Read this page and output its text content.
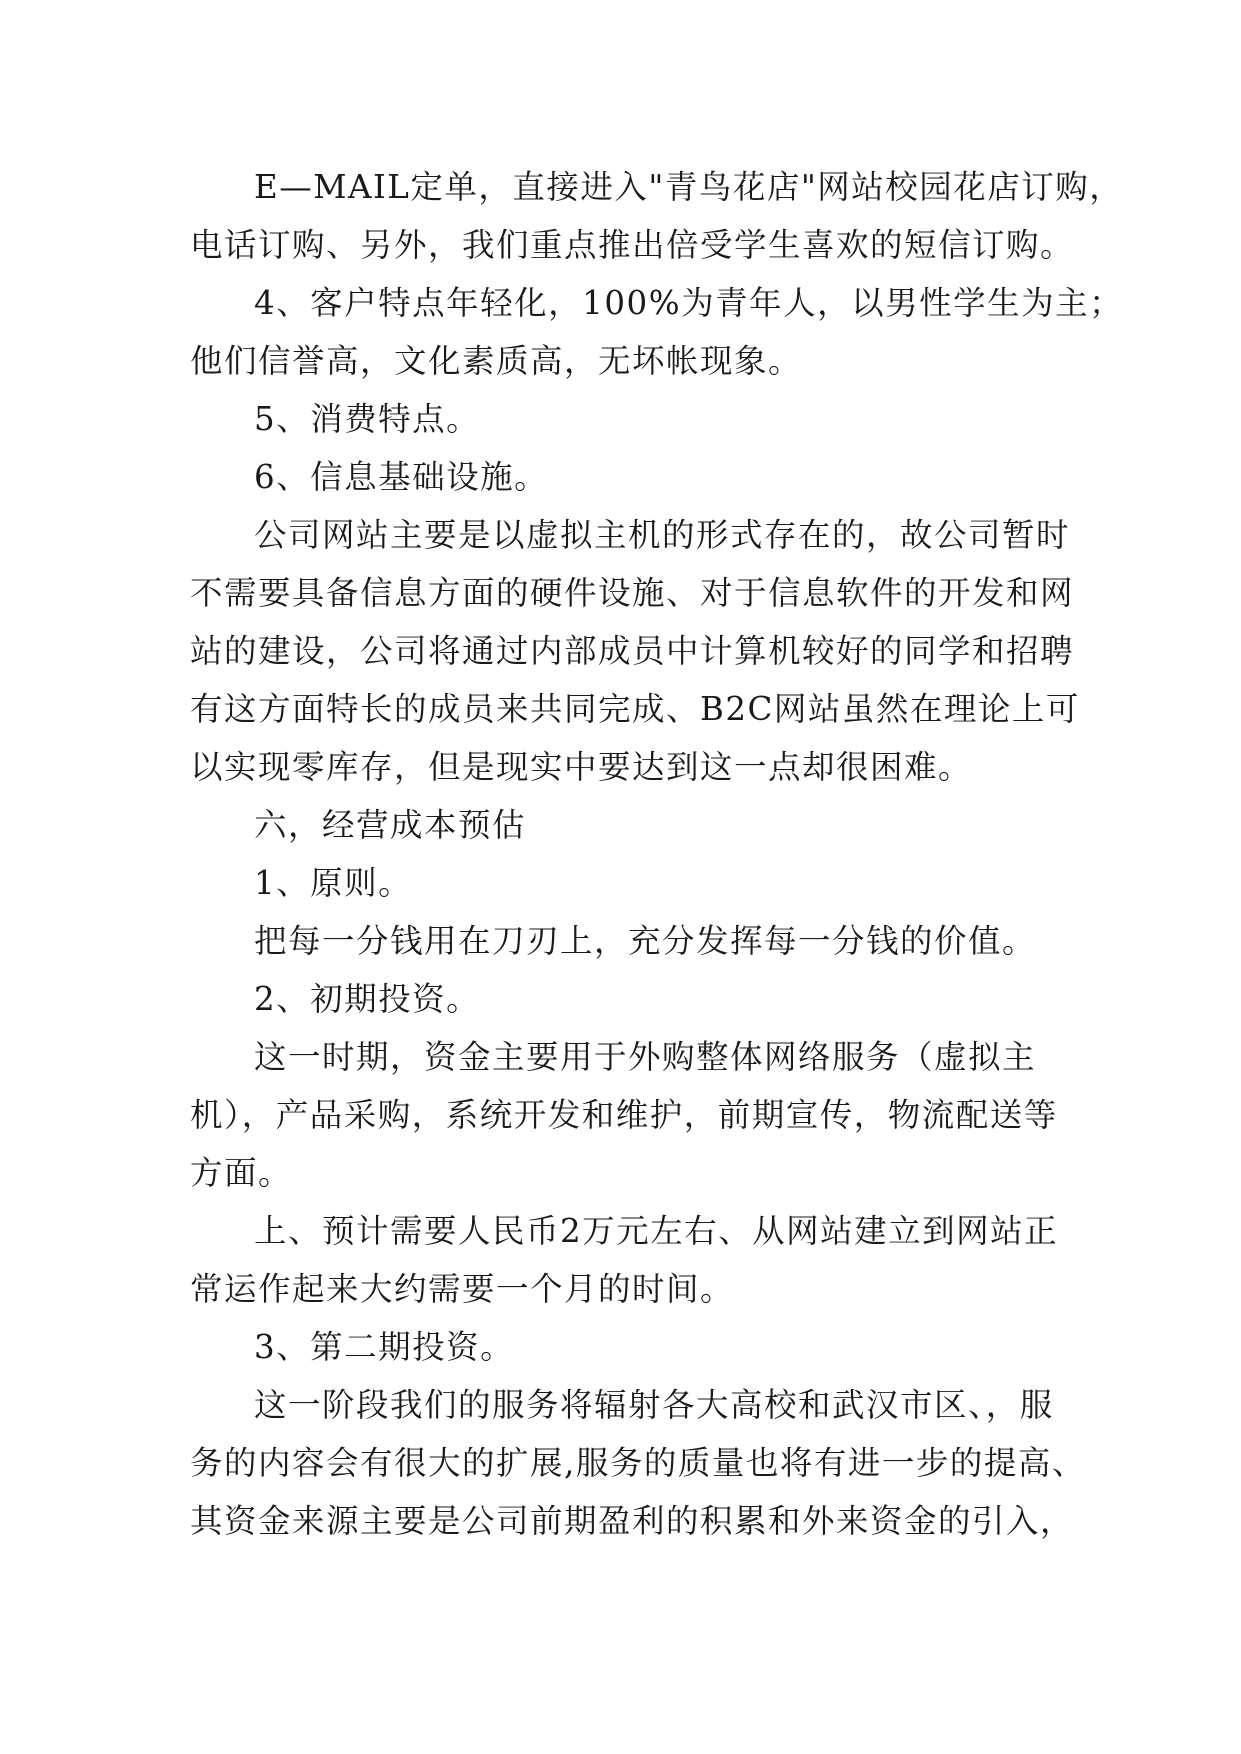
E—MAIL定单，直接进入"青鸟花店"网站校园花店订购，
电话订购、另外，我们重点推出倍受学生喜欢的短信订购。
4、客户特点年轻化，100%为青年人，以男性学生为主；
他们信誉高，文化素质高，无坏帐现象。
5、消费特点。
6、信息基础设施。
公司网站主要是以虚拟主机的形式存在的，故公司暂时
不需要具备信息方面的硬件设施、对于信息软件的开发和网
站的建设，公司将通过内部成员中计算机较好的同学和招聘
有这方面特长的成员来共同完成、B2C网站虽然在理论上可
以实现零库存，但是现实中要达到这一点却很困难。
六，经营成本预估
1、原则。
把每一分钱用在刀刃上，充分发挥每一分钱的价值。
2、初期投资。
这一时期，资金主要用于外购整体网络服务（虚拟主
机），产品采购，系统开发和维护，前期宣传，物流配送等
方面。
上、预计需要人民币2万元左右、从网站建立到网站正
常运作起来大约需要一个月的时间。
3、第二期投资。
这一阶段我们的服务将辐射各大高校和武汉市区、，服
务的内容会有很大的扩展,服务的质量也将有进一步的提高、
其资金来源主要是公司前期盈利的积累和外来资金的引入，
